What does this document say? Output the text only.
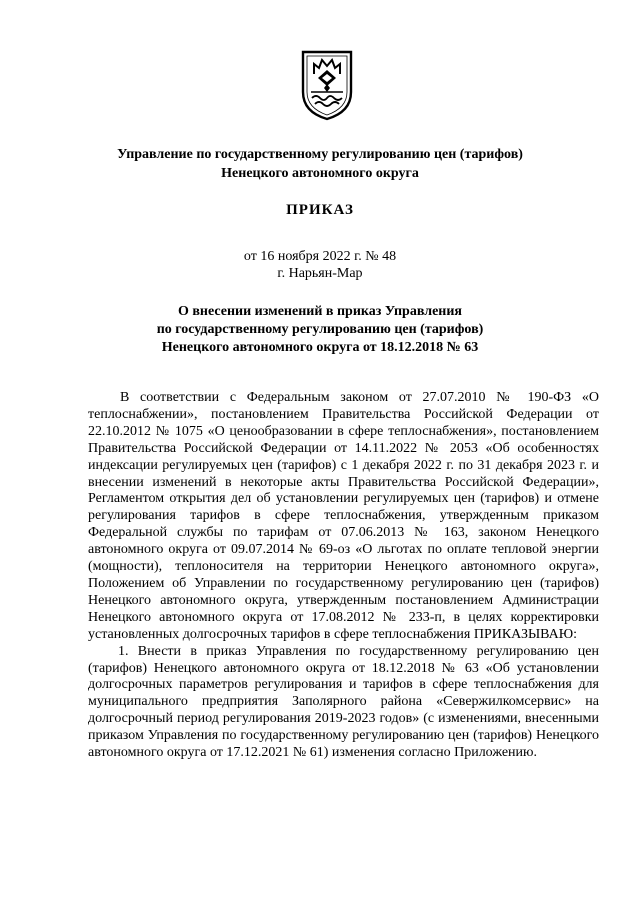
Управление по государственному регулированию цен (тарифов)
Ненецкого автономного округа
ПРИКАЗ
от 16 ноября 2022 г. № 48
г. Нарьян-Мар
О внесении изменений в приказ Управления
по государственному регулированию цен (тарифов)
Ненецкого автономного округа от 18.12.2018 № 63

В соответствии с Федеральным законом от 27.07.2010 № 190-ФЗ «О теплоснабжении», постановлением Правительства Российской Федерации от 22.10.2012 № 1075 «О ценообразовании в сфере теплоснабжения», постановлением Правительства Российской Федерации от 14.11.2022 № 2053 «Об особенностях индексации регулируемых цен (тарифов) с 1 декабря 2022 г. по 31 декабря 2023 г. и внесении изменений в некоторые акты Правительства Российской Федерации», Регламентом открытия дел об установлении регулируемых цен (тарифов) и отмене регулирования тарифов в сфере теплоснабжения, утвержденным приказом Федеральной службы по тарифам от 07.06.2013 № 163, законом Ненецкого автономного округа от 09.07.2014 № 69-оз «О льготах по оплате тепловой энергии (мощности), теплоносителя на территории Ненецкого автономного округа», Положением об Управлении по государственному регулированию цен (тарифов) Ненецкого автономного округа, утвержденным постановлением Администрации Ненецкого автономного округа от 17.08.2012 № 233-п, в целях корректировки установленных долгосрочных тарифов в сфере теплоснабжения ПРИКАЗЫВАЮ:

1. Внести в приказ Управления по государственному регулированию цен (тарифов) Ненецкого автономного округа от 18.12.2018 № 63 «Об установлении долгосрочных параметров регулирования и тарифов в сфере теплоснабжения для муниципального предприятия Заполярного района «Севержилкомсервис» на долгосрочный период регулирования 2019-2023 годов» (с изменениями, внесенными приказом Управления по государственному регулированию цен (тарифов) Ненецкого автономного округа от 17.12.2021 № 61) изменения согласно Приложению.
